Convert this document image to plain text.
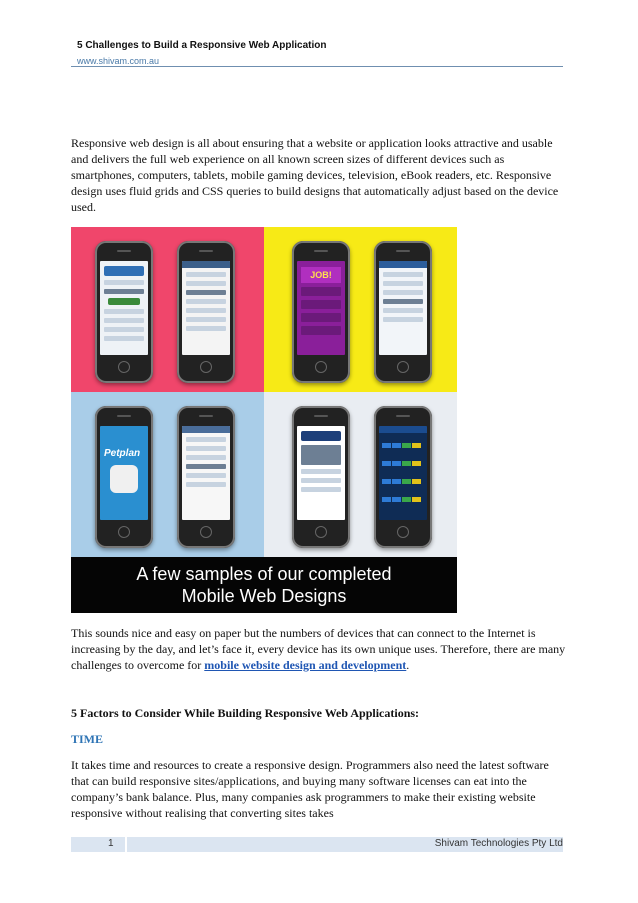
5 Challenges to Build a Responsive Web Application
www.shivam.com.au

Responsive web design is all about ensuring that a website or application looks attractive and usable and delivers the full web experience on all known screen sizes of different devices such as smartphones, computers, tablets, mobile gaming devices, television, eBook readers, etc. Responsive design uses fluid grids and CSS queries to build designs that automatically adjust based on the device used.

JOB!
Petplan

A few samples of our completed
Mobile Web Designs

This sounds nice and easy on paper but the numbers of devices that can connect to the Internet is increasing by the day, and let’s face it, every device has its own unique uses. Therefore, there are many challenges to overcome for mobile website design and development.

5 Factors to Consider While Building Responsive Web Applications:

TIME

It takes time and resources to create a responsive design. Programmers also need the latest software that can build responsive sites/applications, and buying many software licenses can eat into the company’s bank balance. Plus, many companies ask programmers to make their existing website responsive without realising that converting sites takes

1	Shivam Technologies Pty Ltd
